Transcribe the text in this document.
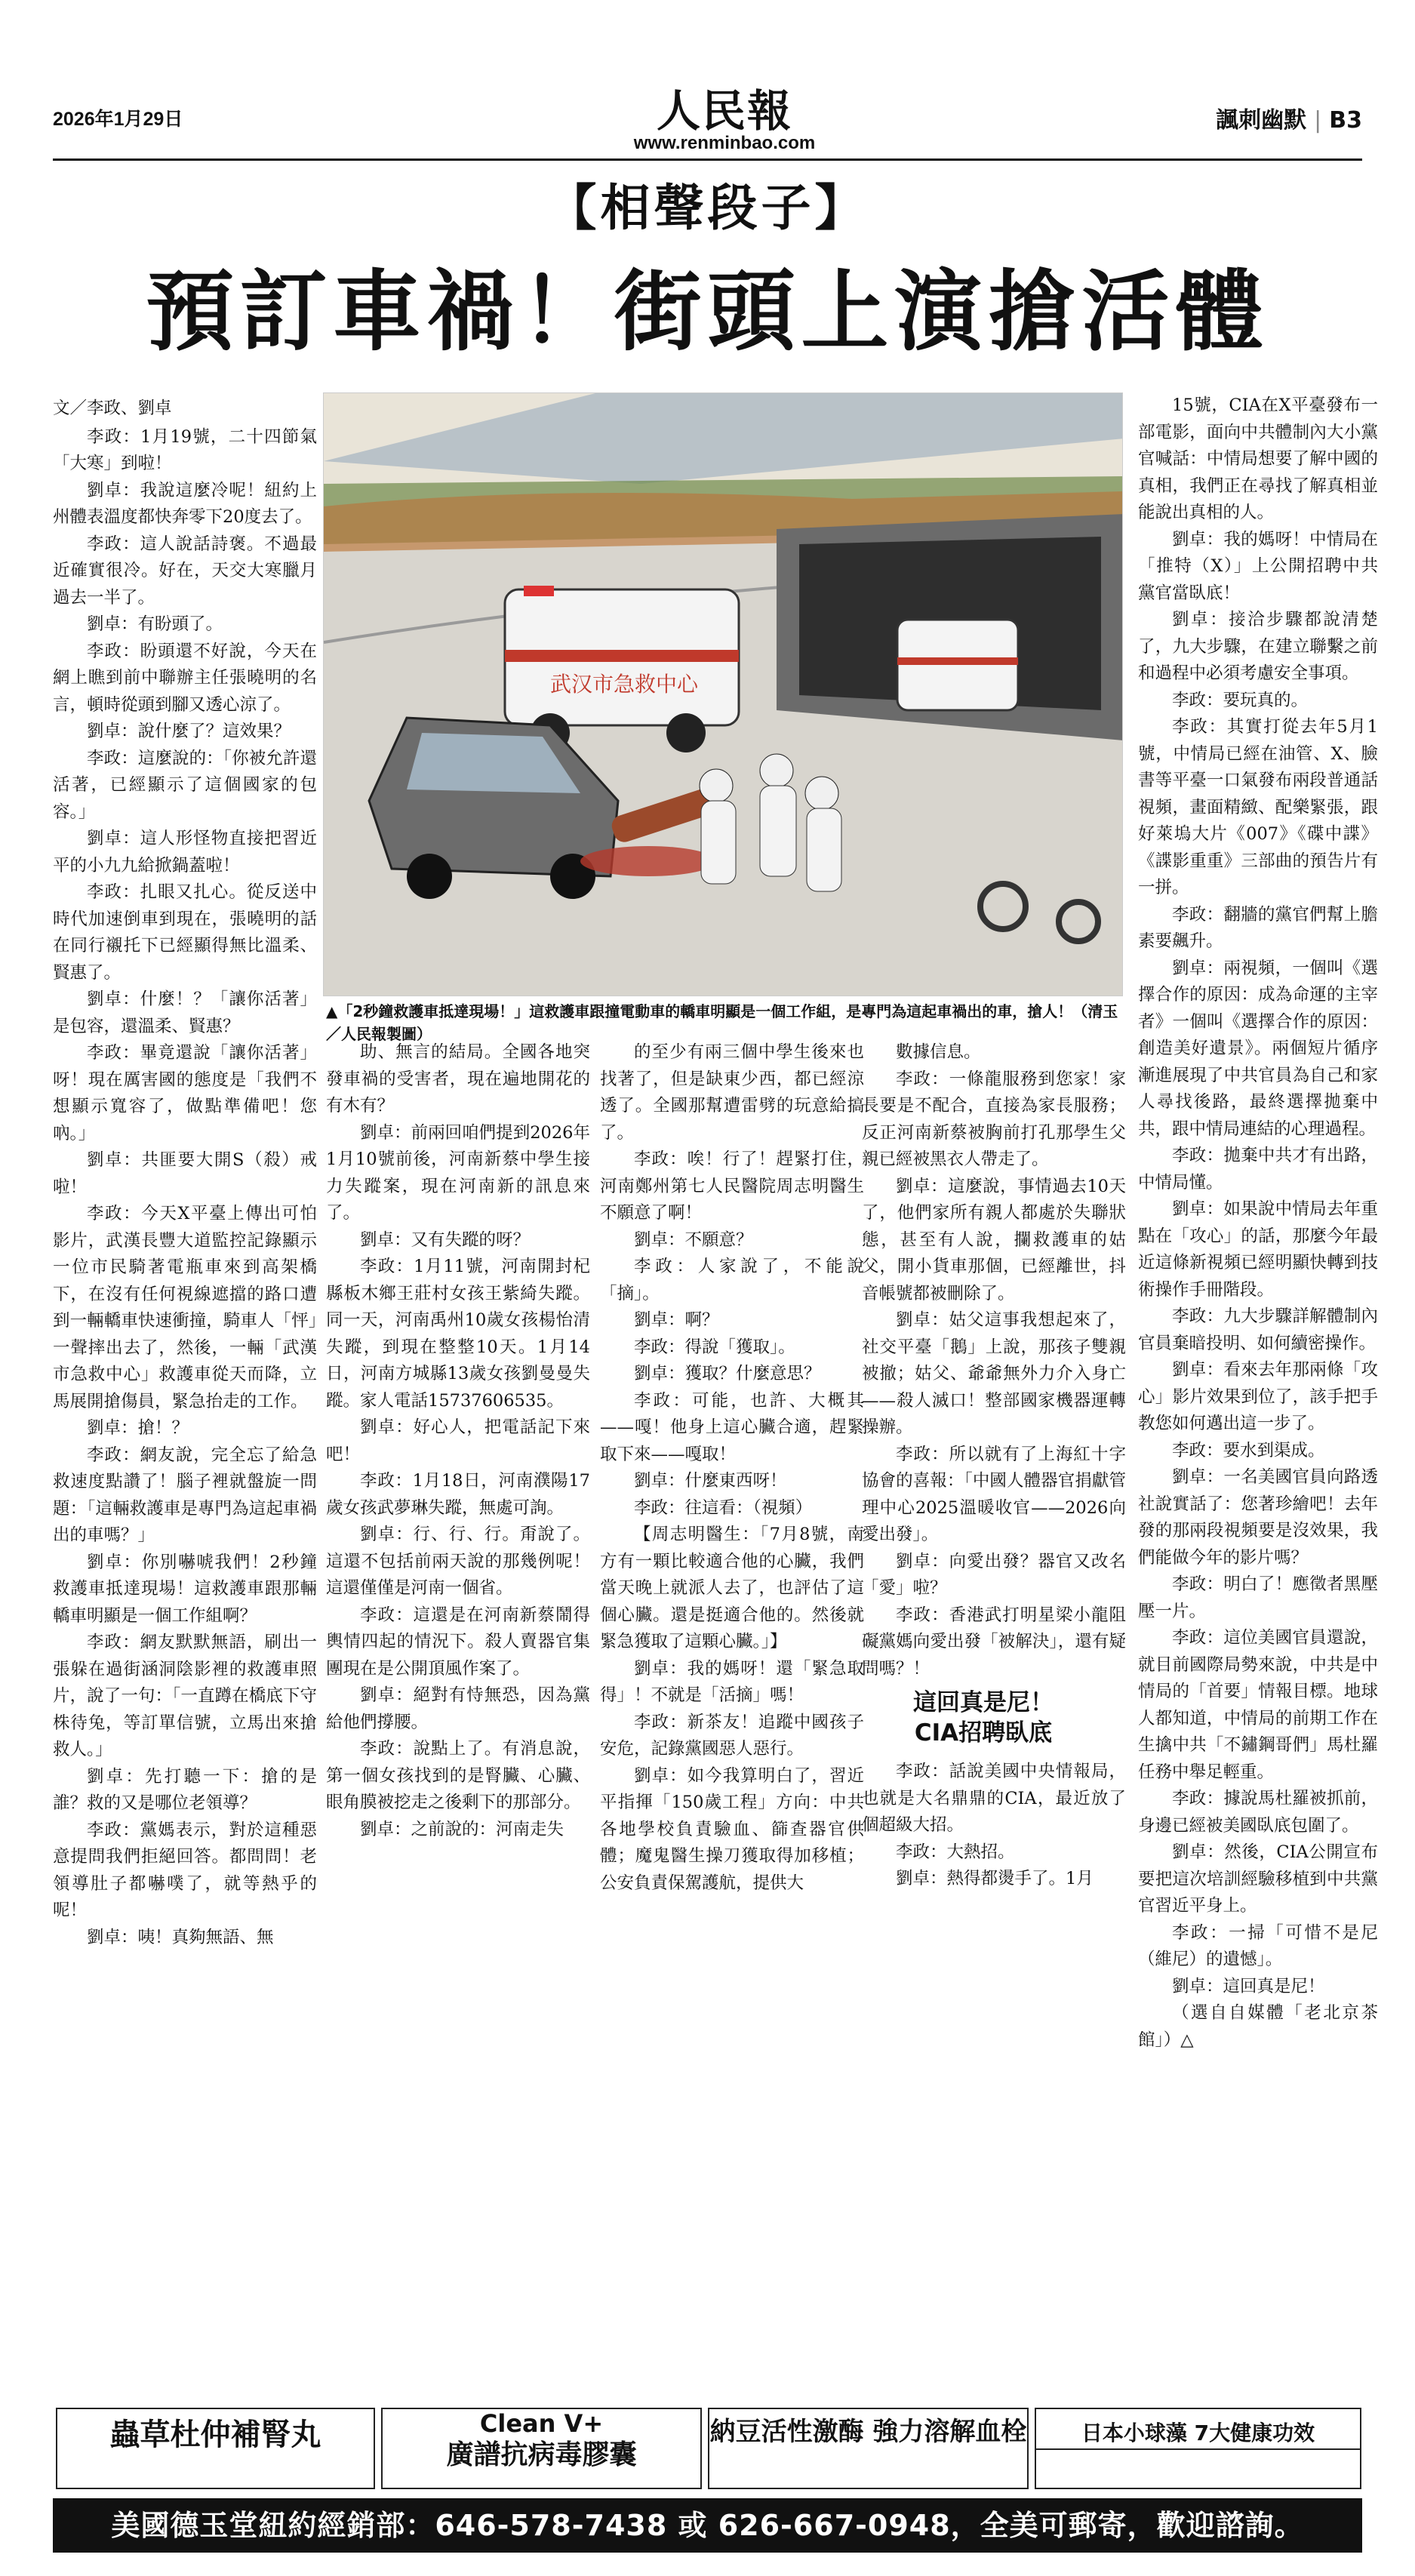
2026年1月29日	人民報
www.renminbao.com
諷刺幽默 | B3
【相聲段子】
預訂車禍！街頭上演搶活體

文／李政、劉卓

李政：1月19號，二十四節氣「大寒」到啦！

劉卓：我說這麼冷呢！紐約上州體表溫度都快奔零下20度去了。

李政：這人說話詩褒。不過最近確實很冷。好在，天交大寒臘月過去一半了。

劉卓：有盼頭了。

李政：盼頭還不好說，今天在網上瞧到前中聯辦主任張曉明的名言，頓時從頭到腳又透心涼了。

劉卓：說什麼了？這效果？

李政：這麼說的：「你被允許還活著，已經顯示了這個國家的包容。」

劉卓：這人形怪物直接把習近平的小九九給掀鍋蓋啦！

李政：扎眼又扎心。從反送中時代加速倒車到現在，張曉明的話在同行襯托下已經顯得無比溫柔、賢惠了。

劉卓：什麼！？「讓你活著」是包容，還溫柔、賢惠？

李政：畢竟還說「讓你活著」呀！現在厲害國的態度是「我們不想顯示寬容了，做點準備吧！您吶。」

劉卓：共匪要大開S（殺）戒啦！

李政：今天X平臺上傳出可怕影片，武漢長豐大道監控記錄顯示一位市民騎著電瓶車來到高架橋下，在沒有任何視線遮擋的路口遭到一輛轎車快速衝撞，騎車人「怦」一聲摔出去了，然後，一輛「武漢市急救中心」救護車從天而降，立馬展開搶傷員，緊急抬走的工作。

劉卓：搶！？

李政：網友說，完全忘了給急救速度點讚了！腦子裡就盤旋一問題：「這輛救護車是專門為這起車禍出的車嗎？」

劉卓：你別嚇唬我們！2秒鐘救護車抵達現場！這救護車跟那輛轎車明顯是一個工作組啊？

李政：網友默默無語，刷出一張躲在過街涵洞陰影裡的救護車照片，說了一句：「一直蹲在橋底下守株待兔，等訂單信號，立馬出來搶救人。」

劉卓：先打聽一下：搶的是誰？救的又是哪位老領導？

李政：黨媽表示，對於這種惡意提問我們拒絕回答。都問問！老領導肚子都嚇噗了，就等熱乎的呢！

劉卓：咦！真夠無語、無

武汉市急救中心
▲「2秒鐘救護車抵達現場！」這救護車跟撞電動車的轎車明顯是一個工作組，是專門為這起車禍出的車，搶人！（清玉／人民報製圖）

助、無言的結局。全國各地突發車禍的受害者，現在遍地開花的有木有？

劉卓：前兩回咱們提到2026年1月10號前後，河南新蔡中學生接力失蹤案，現在河南新的訊息來了。

劉卓：又有失蹤的呀？

李政：1月11號，河南開封杞縣板木鄉王莊村女孩王紫綺失蹤。同一天，河南禹州10歲女孩楊怡清失蹤，到現在整整10天。1月14日，河南方城縣13歲女孩劉曼曼失蹤。家人電話15737606535。

劉卓：好心人，把電話記下來吧！

李政：1月18日，河南濮陽17歲女孩武夢琳失蹤，無處可詢。

劉卓：行、行、行。甭說了。這還不包括前兩天說的那幾例呢！這還僅僅是河南一個省。

李政：這還是在河南新蔡鬧得輿情四起的情況下。殺人賣器官集團現在是公開頂風作案了。

劉卓：絕對有恃無恐，因為黨給他們撐腰。

李政：說點上了。有消息說，第一個女孩找到的是腎臟、心臟、眼角膜被挖走之後剩下的那部分。

劉卓：之前說的：河南走失

的至少有兩三個中學生後來也找著了，但是缺東少西，都已經涼透了。全國那幫遭雷劈的玩意給搞了。

李政：唉！行了！趕緊打住，河南鄭州第七人民醫院周志明醫生不願意了啊！

劉卓：不願意？

李政：人家說了，不能說「摘」。

劉卓：啊？

李政：得說「獲取」。

劉卓：獲取？什麼意思？

李政：可能，也許、大概其——嘎！他身上這心臟合適，趕緊取下來——嘎取！

劉卓：什麼東西呀！

李政：往這看：（視頻）

【周志明醫生：「7月8號，南方有一顆比較適合他的心臟，我們當天晚上就派人去了，也評估了這個心臟。還是挺適合他的。然後就緊急獲取了這顆心臟。」】

劉卓：我的媽呀！還「緊急取得」！不就是「活摘」嗎！

李政：新茶友！追蹤中國孩子安危，記錄黨國惡人惡行。

劉卓：如今我算明白了，習近平指揮「150歲工程」方向：中共各地學校負責驗血、篩查器官供體；魔鬼醫生操刀獲取得加移植；公安負責保駕護航，提供大

數據信息。

李政：一條龍服務到您家！家長要是不配合，直接為家長服務；反正河南新蔡被胸前打孔那學生父親已經被黑衣人帶走了。

劉卓：這麼說，事情過去10天了，他們家所有親人都處於失聯狀態，甚至有人說，攔救護車的姑父，開小貨車那個，已經離世，抖音帳號都被刪除了。

劉卓：姑父這事我想起來了，社交平臺「鵝」上說，那孩子雙親被撤；姑父、爺爺無外力介入身亡——殺人滅口！整部國家機器運轉操辦。

李政：所以就有了上海紅十字協會的喜報：「中國人體器官捐獻管理中心2025溫暖收官——2026向愛出發」。

劉卓：向愛出發？器官又改名「愛」啦？

李政：香港武打明星梁小龍阻礙黨媽向愛出發「被解決」，還有疑問嗎？！

這回真是尼！
CIA招聘臥底

李政：話說美國中央情報局，也就是大名鼎鼎的CIA，最近放了個超級大招。

李政：大熱招。

劉卓：熱得都燙手了。1月

15號，CIA在X平臺發布一部電影，面向中共體制內大小黨官喊話：中情局想要了解中國的真相，我們正在尋找了解真相並能說出真相的人。

劉卓：我的媽呀！中情局在「推特（X）」上公開招聘中共黨官當臥底！

劉卓：接洽步驟都說清楚了，九大步驟，在建立聯繫之前和過程中必須考慮安全事項。

李政：要玩真的。

李政：其實打從去年5月1號，中情局已經在油管、X、臉書等平臺一口氣發布兩段普通話視頻，畫面精緻、配樂緊張，跟好萊塢大片《007》《碟中諜》《諜影重重》三部曲的預告片有一拼。

李政：翻牆的黨官們幫上膽素要飆升。

劉卓：兩視頻，一個叫《選擇合作的原因：成為命運的主宰者》一個叫《選擇合作的原因：創造美好遺景》。兩個短片循序漸進展現了中共官員為自己和家人尋找後路，最終選擇拋棄中共，跟中情局連結的心理過程。

李政：拋棄中共才有出路，中情局懂。

劉卓：如果說中情局去年重點在「攻心」的話，那麼今年最近這條新視頻已經明顯快轉到技術操作手冊階段。

李政：九大步驟詳解體制內官員棄暗投明、如何續密操作。

劉卓：看來去年那兩條「攻心」影片效果到位了，該手把手教您如何邁出這一步了。

李政：要水到渠成。

劉卓：一名美國官員向路透社說實話了：您著珍繪吧！去年發的那兩段視頻要是沒效果，我們能做今年的影片嗎？

李政：明白了！應徵者黑壓壓一片。

李政：這位美國官員還說，就目前國際局勢來說，中共是中情局的「首要」情報目標。地球人都知道，中情局的前期工作在生擒中共「不鏽鋼哥們」馬杜羅任務中舉足輕重。

李政：據說馬杜羅被抓前，身邊已經被美國臥底包圍了。

劉卓：然後，CIA公開宣布要把這次培訓經驗移植到中共黨官習近平身上。

李政：一掃「可惜不是尼（維尼）的遺憾」。

劉卓：這回真是尼！

（選自自媒體「老北京茶館」）△

蟲草杜仲補腎丸	Clean V+
廣譜抗病毒膠囊
納豆活性激酶 強力溶解血栓	日本小球藻 7大健康功效
美國德玉堂紐約經銷部：646-578-7438 或 626-667-0948，全美可郵寄，歡迎諮詢。
